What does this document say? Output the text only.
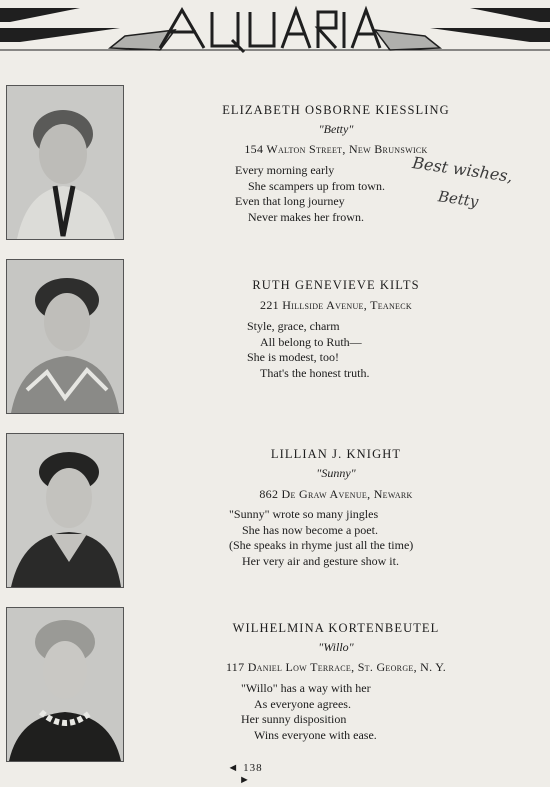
ELIZABETH OSBORNE KIESSLING
"Betty"
154 Walton Street, New Brunswick
Every morning early
She scampers up from town.
Even that long journey
Never makes her frown.
Best wishes,
Betty
RUTH GENEVIEVE KILTS
221 Hillside Avenue, Teaneck
Style, grace, charm
All belong to Ruth—
She is modest, too!
That's the honest truth.
LILLIAN J. KNIGHT
"Sunny"
862 De Graw Avenue, Newark
"Sunny" wrote so many jingles
She has now become a poet.
(She speaks in rhyme just all the time)
Her very air and gesture show it.
WILHELMINA KORTENBEUTEL
"Willo"
117 Daniel Low Terrace, St. George, N. Y.
"Willo" has a way with her
As everyone agrees.
Her sunny disposition
Wins everyone with ease.
◄ 138 ►
